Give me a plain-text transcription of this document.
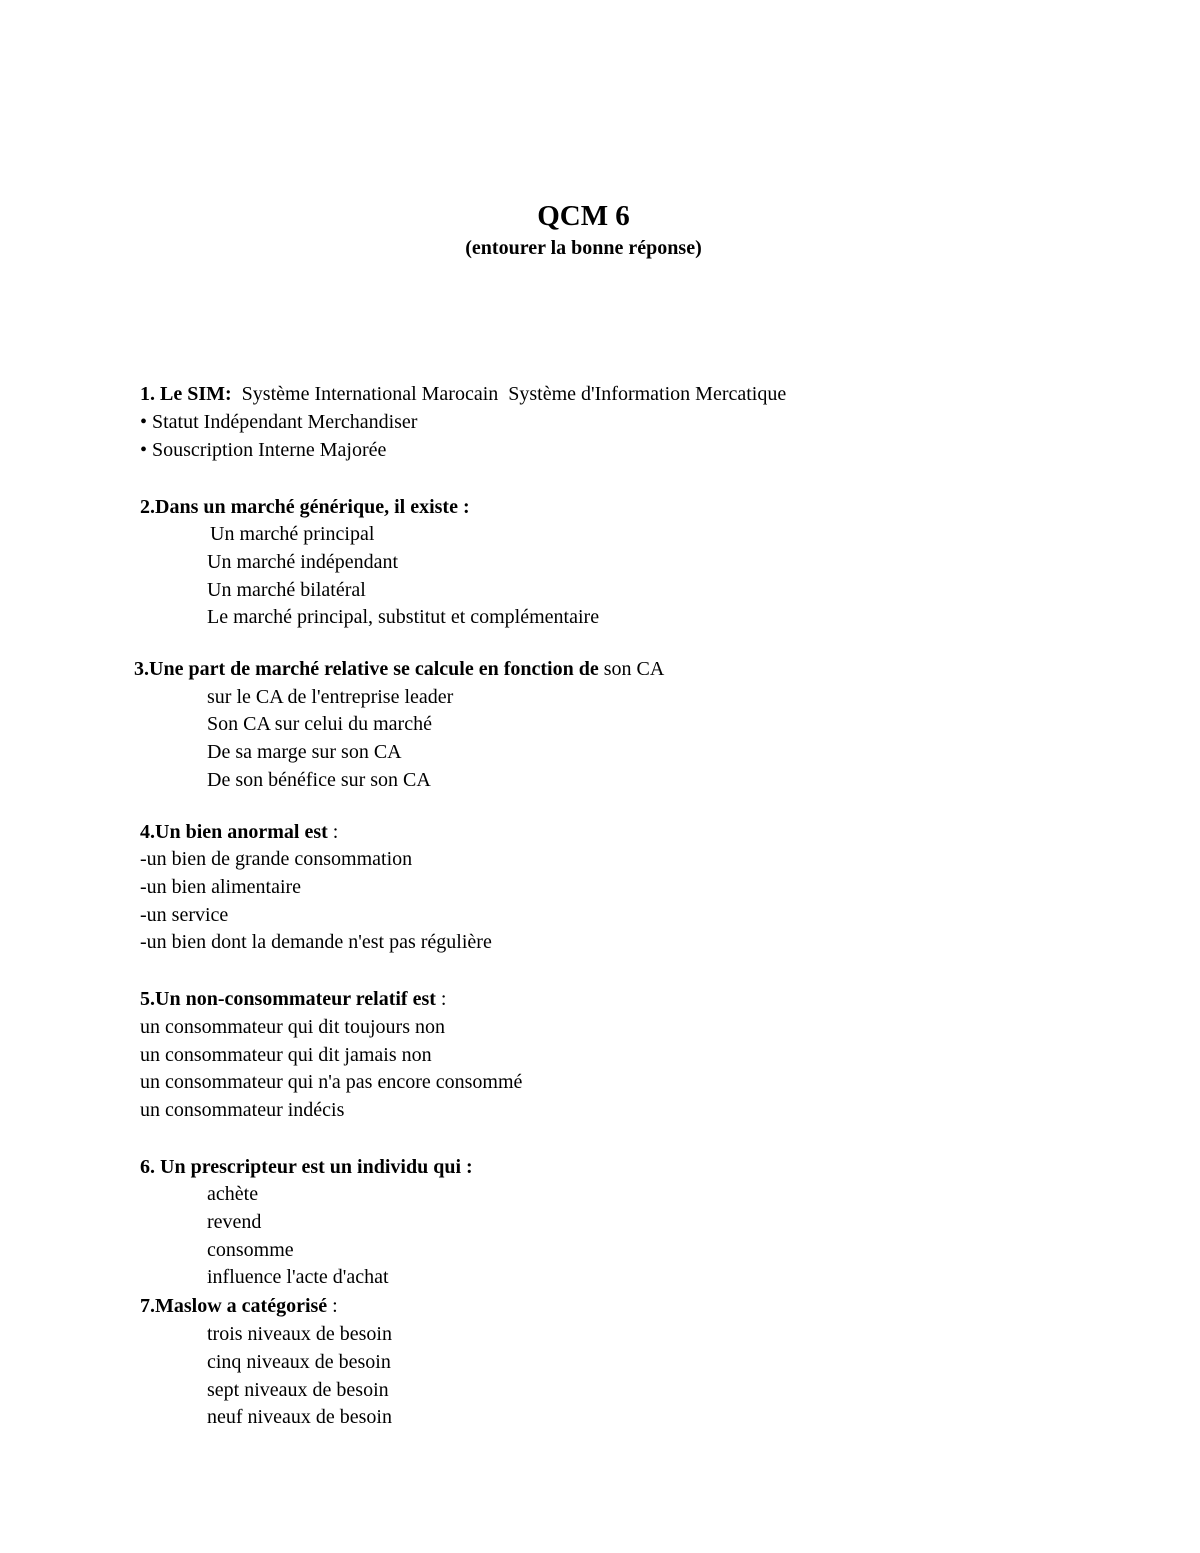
QCM 6
(entourer la bonne réponse)
1. Le SIM:  Système International Marocain  Système d'Information Mercatique
• Statut Indépendant Merchandiser
• Souscription Interne Majorée
2.Dans un marché générique, il existe :
Un marché principal
Un marché indépendant
Un marché bilatéral
Le marché principal, substitut et complémentaire
3.Une part de marché relative se calcule en fonction de son CA
sur le CA de l'entreprise leader
Son CA sur celui du marché
De sa marge sur son CA
De son bénéfice sur son CA
4.Un bien anormal est :
-un bien de grande consommation
-un bien alimentaire
-un service
-un bien dont la demande n'est pas régulière
5.Un non-consommateur relatif est :
un consommateur qui dit toujours non
un consommateur qui dit jamais non
un consommateur qui n'a pas encore consommé
un consommateur indécis
6. Un prescripteur est un individu qui :
achète
revend
consomme
influence l'acte d'achat
7.Maslow a catégorisé :
trois niveaux de besoin
cinq niveaux de besoin
sept niveaux de besoin
neuf niveaux de besoin
